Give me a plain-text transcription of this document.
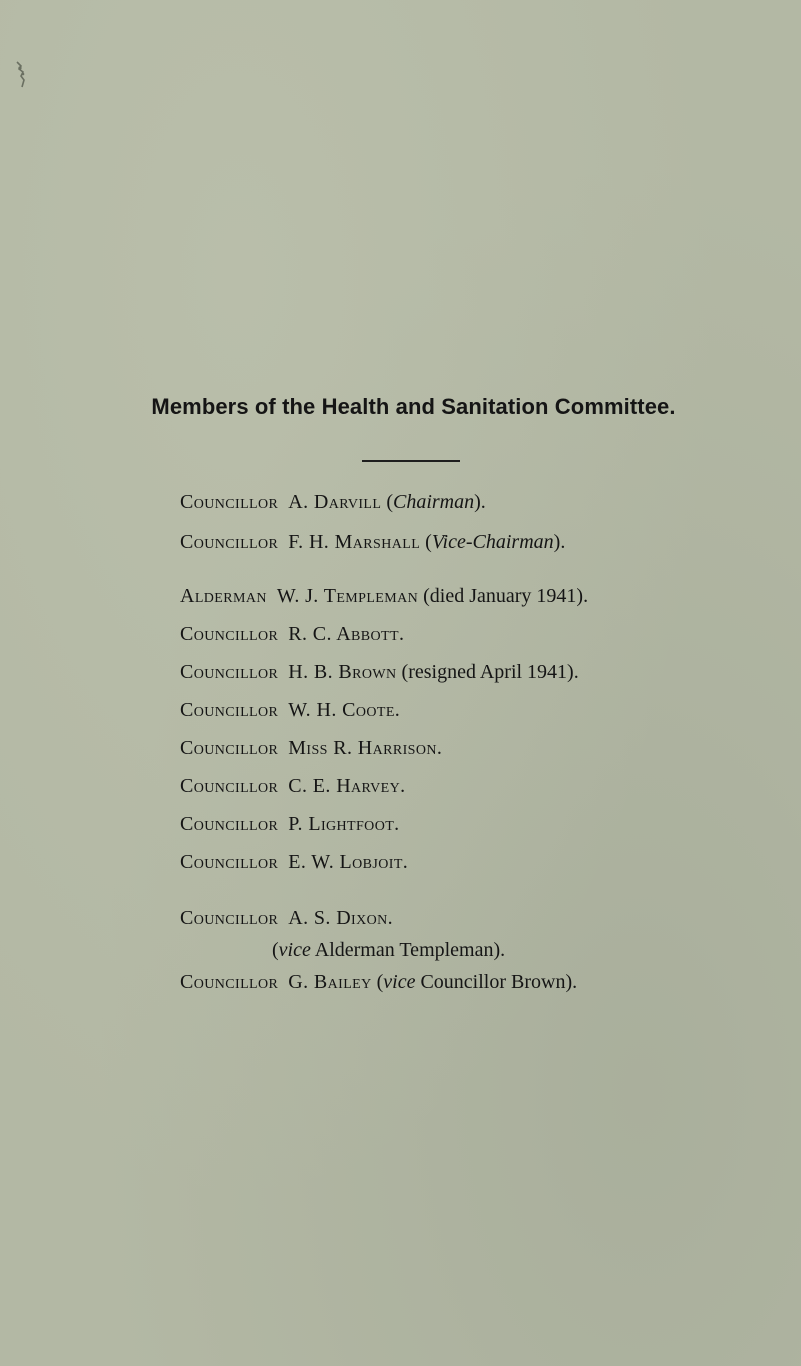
Members of the Health and Sanitation Committee.
Councillor A. Darvill (Chairman).
Councillor F. H. Marshall (Vice-Chairman).
Alderman W. J. Templeman (died January 1941).
Councillor R. C. Abbott.
Councillor H. B. Brown (resigned April 1941).
Councillor W. H. Coote.
Councillor Miss R. Harrison.
Councillor C. E. Harvey.
Councillor P. Lightfoot.
Councillor E. W. Lobjoit.
Councillor A. S. Dixon.
(vice Alderman Templeman).
Councillor G. Bailey (vice Councillor Brown).
